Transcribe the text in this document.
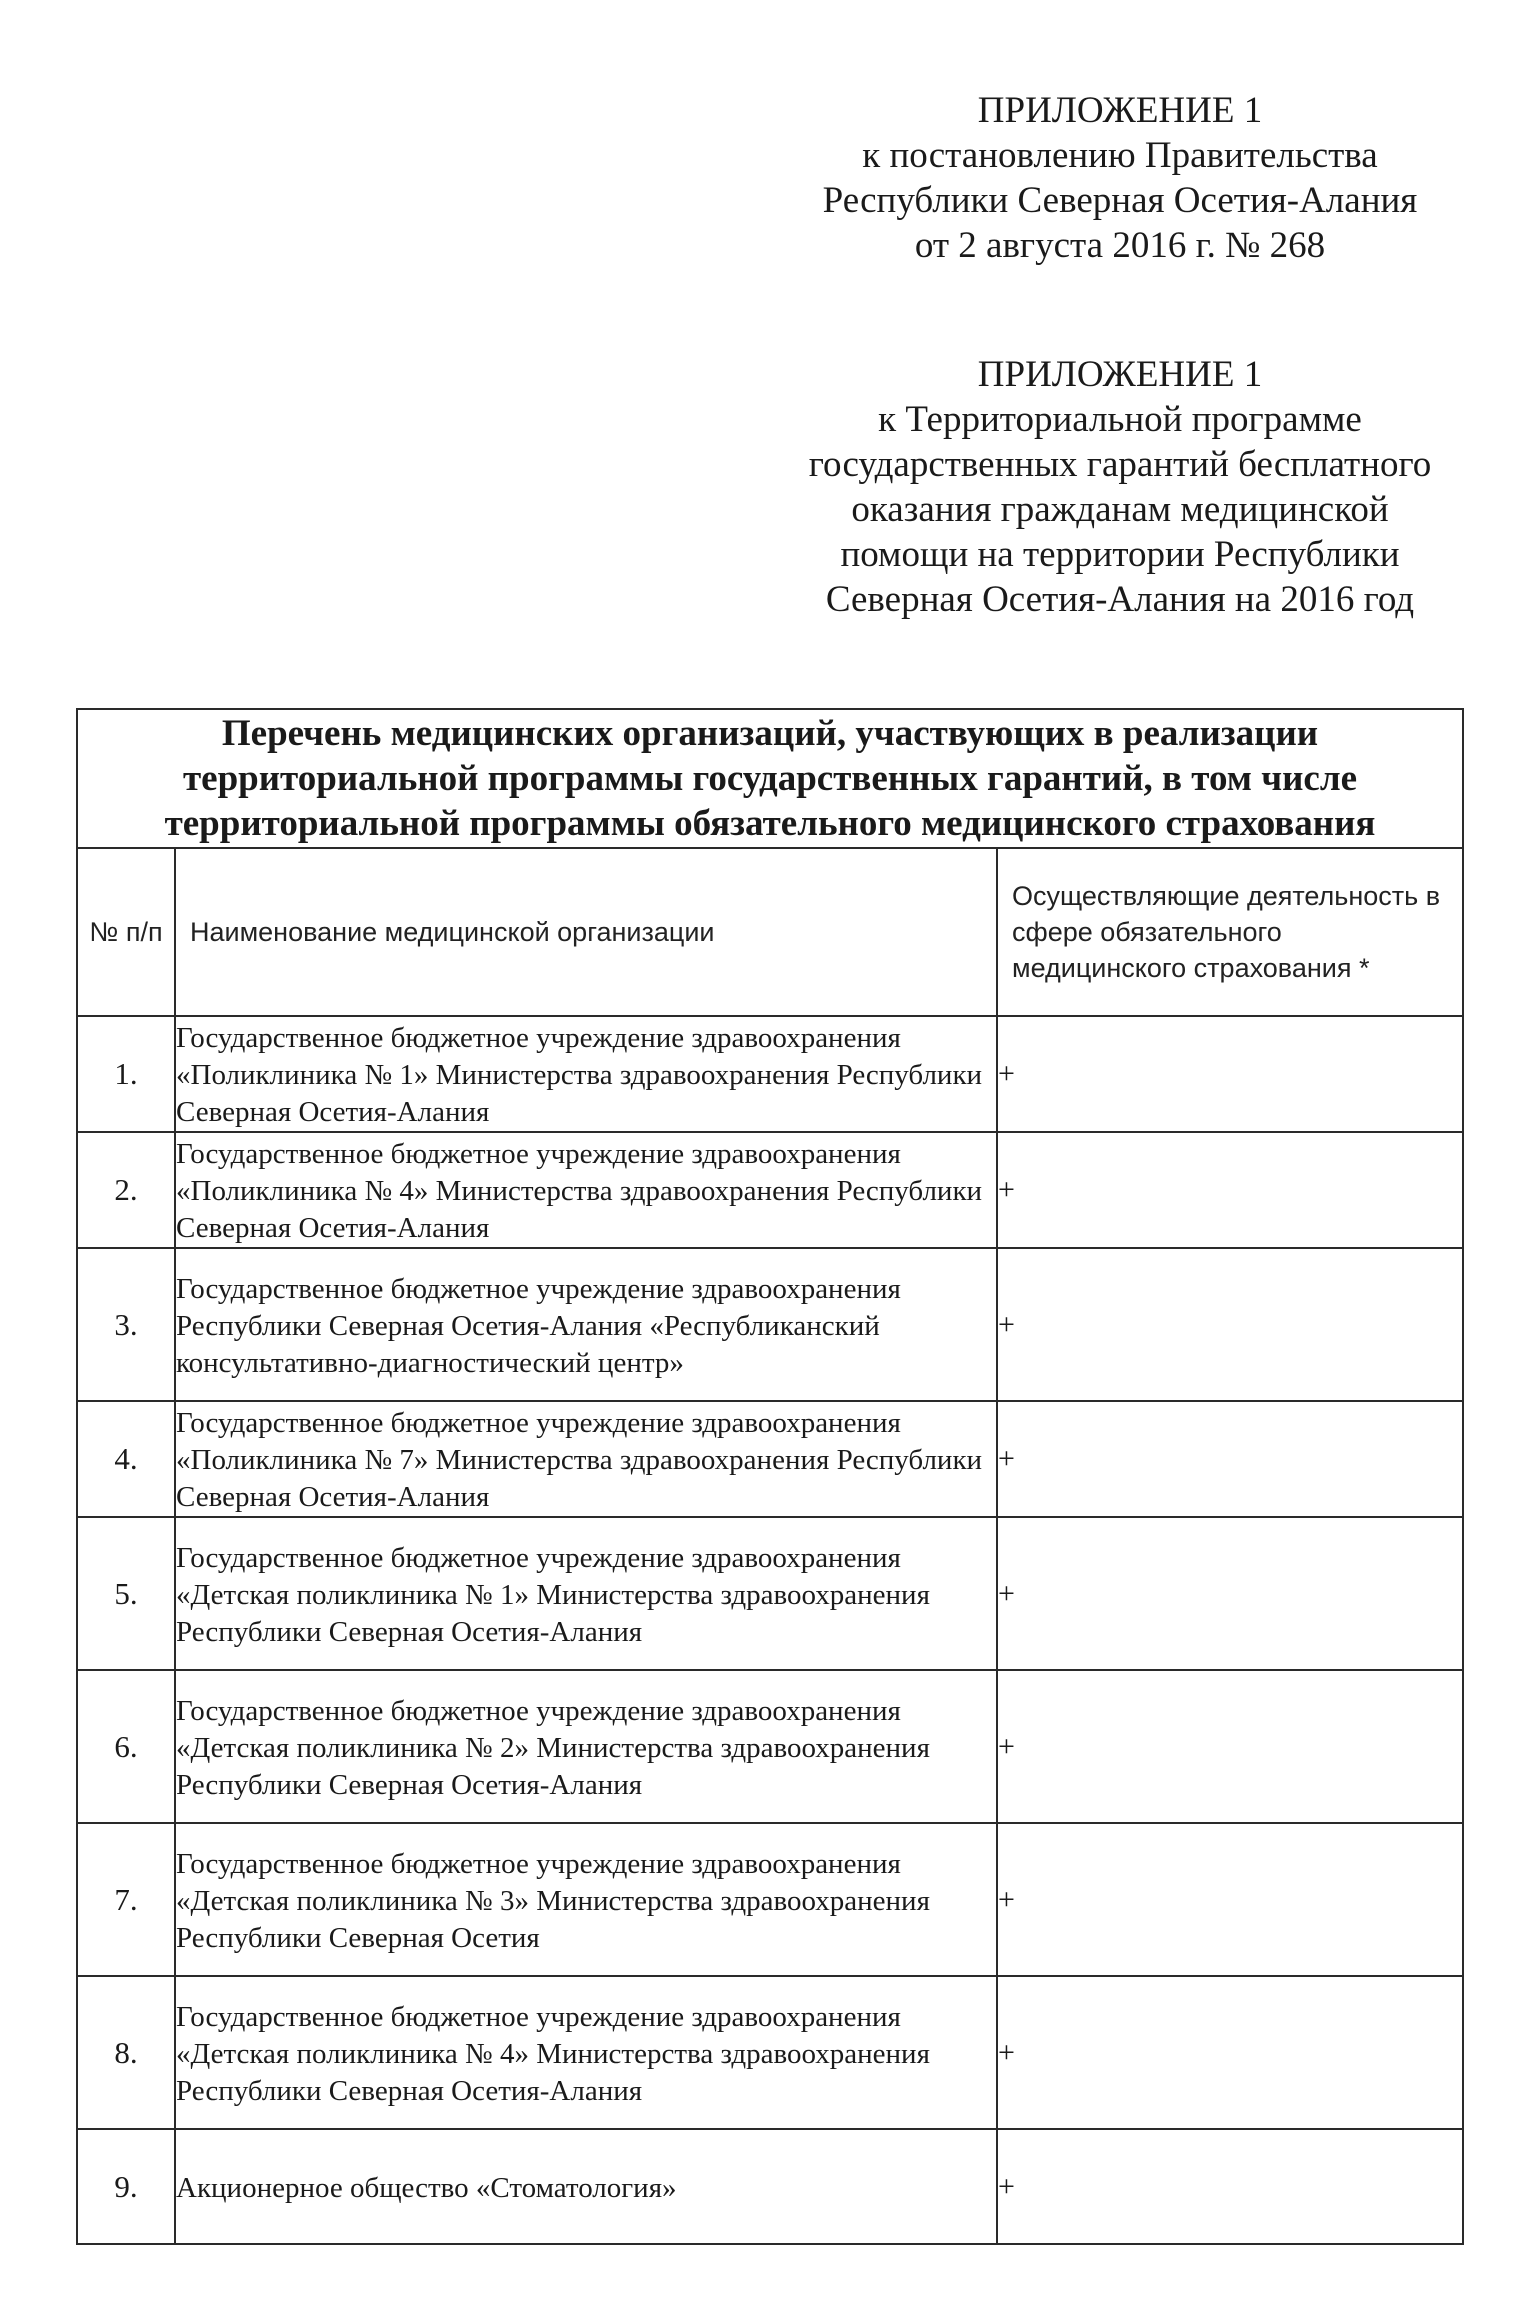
ПРИЛОЖЕНИЕ 1
к постановлению Правительства
Республики Северная Осетия-Алания
от 2 августа 2016 г. № 268
ПРИЛОЖЕНИЕ 1
к Территориальной программе
государственных гарантий бесплатного
оказания гражданам медицинской
помощи на территории Республики
Северная Осетия-Алания на 2016 год
Перечень медицинских организаций, участвующих в реализации территориальной программы государственных гарантий, в том числе территориальной программы обязательного медицинского страхования		
№ п/п	Наименование медицинской организации	Осуществляющие деятельность в сфере обязательного медицинского страхования *
1.	Государственное бюджетное учреждение здравоохранения «Поликлиника № 1» Министерства здравоохранения Республики Северная Осетия-Алания	+
2.	Государственное бюджетное учреждение здравоохранения «Поликлиника № 4» Министерства здравоохранения Республики Северная Осетия-Алания	+
3.	Государственное бюджетное учреждение здравоохранения Республики Северная Осетия-Алания «Республиканский консультативно-диагностический центр»	+
4.	Государственное бюджетное учреждение здравоохранения «Поликлиника № 7» Министерства здравоохранения Республики Северная Осетия-Алания	+
5.	Государственное бюджетное учреждение здравоохранения «Детская поликлиника № 1» Министерства здравоохранения Республики Северная Осетия-Алания	+
6.	Государственное бюджетное учреждение здравоохранения «Детская поликлиника № 2» Министерства здравоохранения Республики Северная Осетия-Алания	+
7.	Государственное бюджетное учреждение здравоохранения «Детская поликлиника № 3» Министерства здравоохранения Республики Северная Осетия	+
8.	Государственное бюджетное учреждение здравоохранения «Детская поликлиника № 4» Министерства здравоохранения Республики Северная Осетия-Алания	+
9.	Акционерное общество «Стоматология»	+
